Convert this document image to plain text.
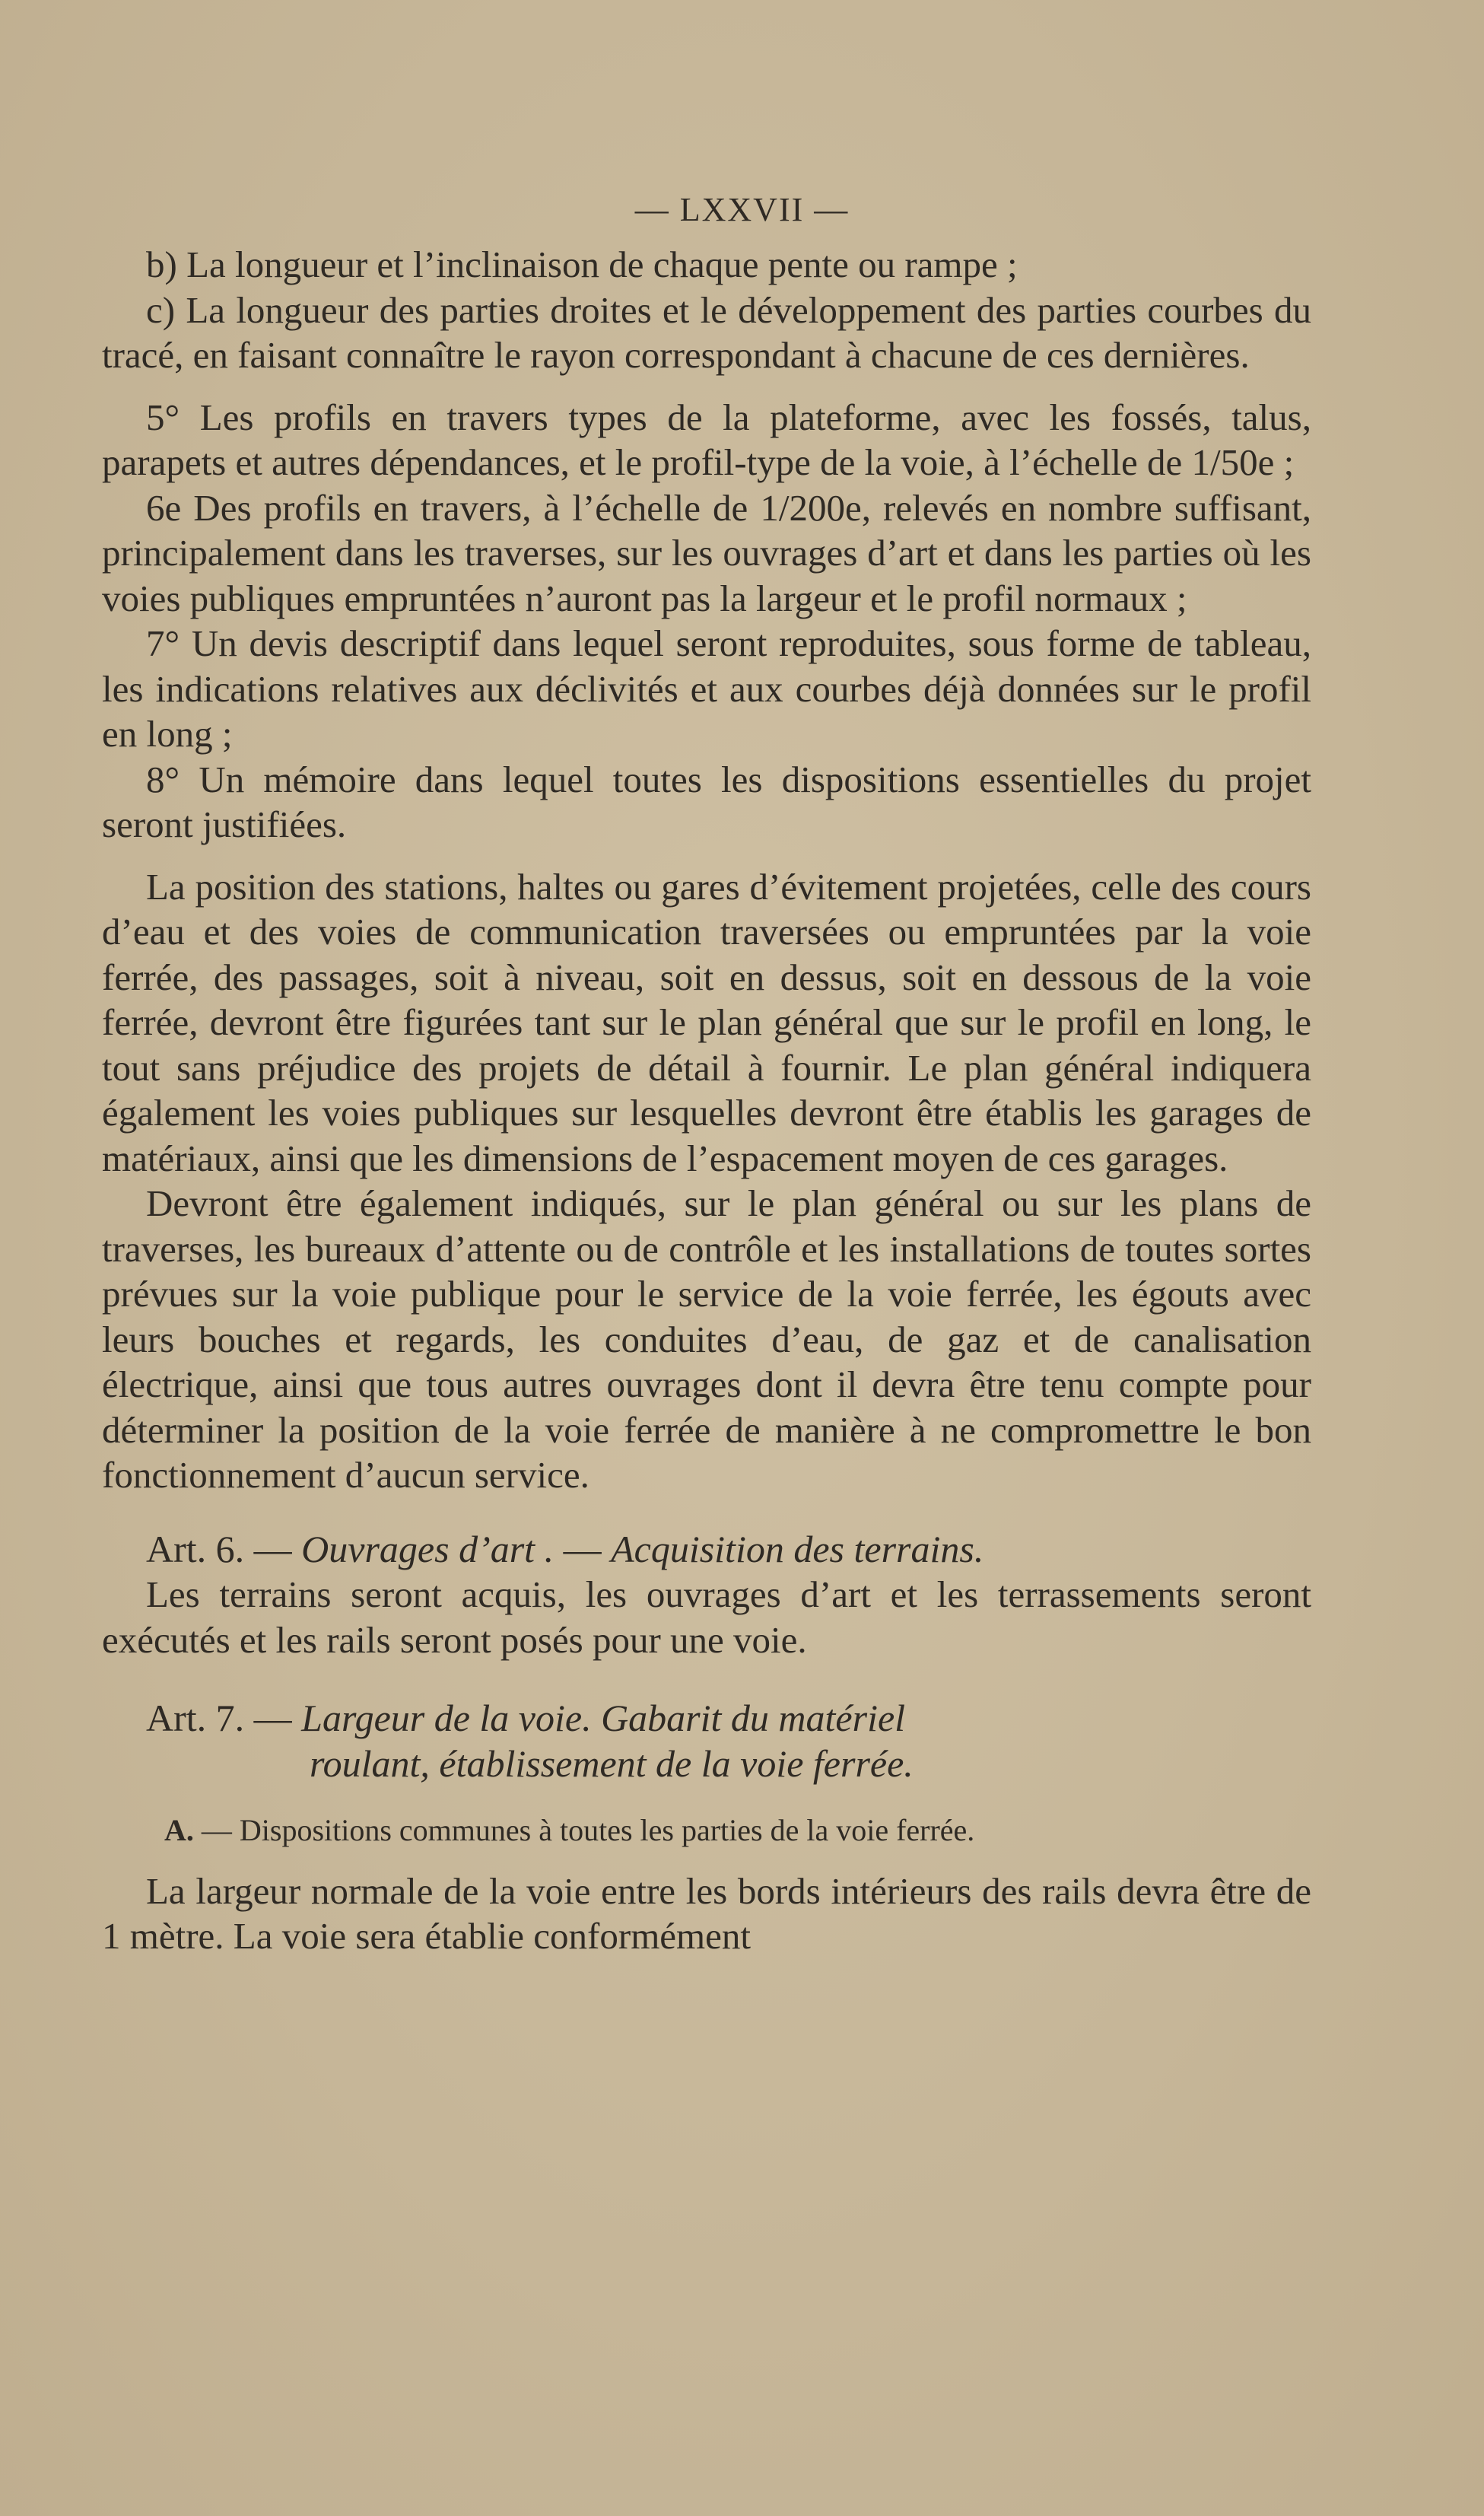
— LXXVII —

b) La longueur et l’inclinaison de chaque pente ou rampe ;

c) La longueur des parties droites et le développement des parties courbes du tracé, en faisant connaître le rayon correspondant à chacune de ces dernières.

5° Les profils en travers types de la plateforme, avec les fossés, talus, parapets et autres dépendances, et le profil-type de la voie, à l’échelle de 1/50e ;

6e Des profils en travers, à l’échelle de 1/200e, relevés en nombre suffisant, principalement dans les traverses, sur les ouvrages d’art et dans les parties où les voies publiques empruntées n’auront pas la largeur et le profil normaux ;

7° Un devis descriptif dans lequel seront reproduites, sous forme de tableau, les indications relatives aux déclivités et aux courbes déjà données sur le profil en long ;

8° Un mémoire dans lequel toutes les dispositions essentielles du projet seront justifiées.

La position des stations, haltes ou gares d’évitement projetées, celle des cours d’eau et des voies de communication traversées ou empruntées par la voie ferrée, des passages, soit à niveau, soit en dessus, soit en dessous de la voie ferrée, devront être figurées tant sur le plan général que sur le profil en long, le tout sans préjudice des projets de détail à fournir. Le plan général indiquera également les voies publiques sur lesquelles devront être établis les garages de matériaux, ainsi que les dimensions de l’espacement moyen de ces garages.

Devront être également indiqués, sur le plan général ou sur les plans de traverses, les bureaux d’attente ou de contrôle et les installations de toutes sortes prévues sur la voie publique pour le service de la voie ferrée, les égouts avec leurs bouches et regards, les conduites d’eau, de gaz et de canalisation électrique, ainsi que tous autres ouvrages dont il devra être tenu compte pour déterminer la position de la voie ferrée de manière à ne compromettre le bon fonctionnement d’aucun service.

Art. 6. — Ouvrages d’art . — Acquisition des terrains.

Les terrains seront acquis, les ouvrages d’art et les terrassements seront exécutés et les rails seront posés pour une voie.

Art. 7. — Largeur de la voie. Gabarit du matériel
roulant, établissement de la voie ferrée.

A. — Dispositions communes à toutes les parties de la voie ferrée.

La largeur normale de la voie entre les bords intérieurs des rails devra être de 1 mètre. La voie sera établie conformément
